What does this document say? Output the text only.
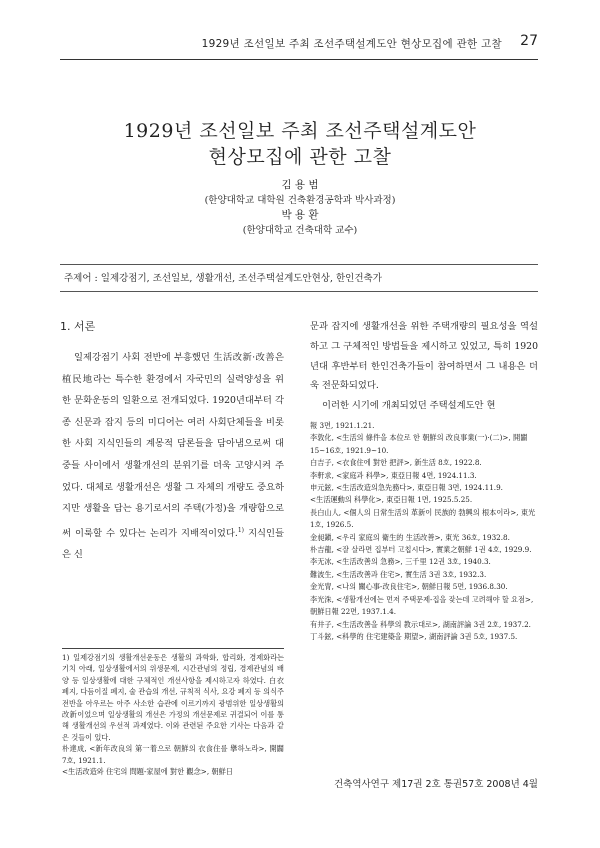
1929년 조선일보 주최 조선주택설계도안 현상모집에 관한 고찰 27
1929년 조선일보 주최 조선주택설계도안
현상모집에 관한 고찰
김 용 범
(한양대학교 대학원 건축환경공학과 박사과정)
박 용 환
(한양대학교 건축대학 교수)
주제어 : 일제강점기, 조선일보, 생활개선, 조선주택설계도안현상, 한인건축가
1. 서론

일제강점기 사회 전반에 부흥했던 生活改新·改善은 植民地라는 특수한 환경에서 자국민의 실력양성을 위한 문화운동의 일환으로 전개되었다. 1920년대부터 각종 신문과 잡지 등의 미디어는 여러 사회단체들을 비롯한 사회 지식인들의 계몽적 담론들을 담아냄으로써 대중들 사이에서 생활개선의 분위기를 더욱 고양시켜 주었다. 대체로 생활개선은 생활 그 자체의 개량도 중요하지만 생활을 담는 용기로서의 주택(가정)을 개량함으로써 이룩할 수 있다는 논리가 지배적이었다.$^{1)}$ 지식인들은 신

1) 일제강점기의 생활개선운동은 생활의 과학화, 합리화, 경제화라는 기치 아래, 일상생활에서의 위생문제, 시간관념의 정립, 경제관념의 배양 등 일상생활에 대한 구체적인 개선사항을 제시하고자 하였다. 白衣 폐지, 다듬이질 폐지, 술 관습의 개선, 규칙적 식사, 요강 폐지 등 의식주 전반을 아우르는 아주 사소한 습관에 이르기까지 광범위한 일상생활의 改新이었으며 일상생활의 개선은 가정의 개선문제로 귀결되어 이를 통해 생활개선의 우선적 과제였다. 이와 관련된 주요한 기사는 다음과 같은 것들이 있다.

朴達成, <新年改良의 第一着으로 朝鮮의 衣食住를 擧하노라>, 開闢 7호, 1921.1.

<生活改造와 住宅의 問題-家屋에 對한 觀念>, 朝鮮日

문과 잡지에 생활개선을 위한 주택개량의 필요성을 역설하고 그 구체적인 방법들을 제시하고 있었고, 특히 1920년대 후반부터 한인건축가들이 참여하면서 그 내용은 더욱 전문화되었다.

이러한 시기에 개최되었던 주택설계도안 현

報 3면, 1921.1.21.

李敦化, <生活의 條件을 本位로 한 朝鮮의 改良事業(一)·(二)>, 開闢 15~16호, 1921.9~10.

白吉子, <衣食住에 對한 把評>, 新生活 8호, 1922.8.

李軒求, <家庭과 科學>, 東亞日報 4면, 1924.11.3.

申元鉉, <生活改造의急先務다>, 東亞日報 3면, 1924.11.9.

<生活運動의 科學化>, 東亞日報 1면, 1925.5.25.

長白山人, <個人의 日常生活의 革新이 民族的 勃興의 根本이라>, 東光 1호, 1926.5.

金昶鎭, <우리 家庭의 衛生的 生活改善>, 東光 36호, 1932.8.

朴吉龍, <잘 살라면 집부터 고칩시다>, 實業之朝鮮 1권 4호, 1929.9.

李无冰, <生活改善의 急務>, 三千里 12권 3호, 1940.3.

難波生, <生活改善과 住宅>, 實生活 3권 3호, 1932.3.

金光冑, <나의 關心事-改良住宅>, 朝鮮日報 5면, 1936.8.30.

李光洙, <생활개선에는 먼저 주택문제-집을 잦는데 고려해야 할 요점>, 朝鮮日報 22면, 1937.1.4.

有井子, <生活改善을 科學의 教示대로>, 湖南評論 3권 2호, 1937.2.

丁斗鉉, <科學的 住宅建築을 期望>, 湖南評論 3권 5호, 1937.5.

건축역사연구 제17권 2호 통권57호 2008년 4월
